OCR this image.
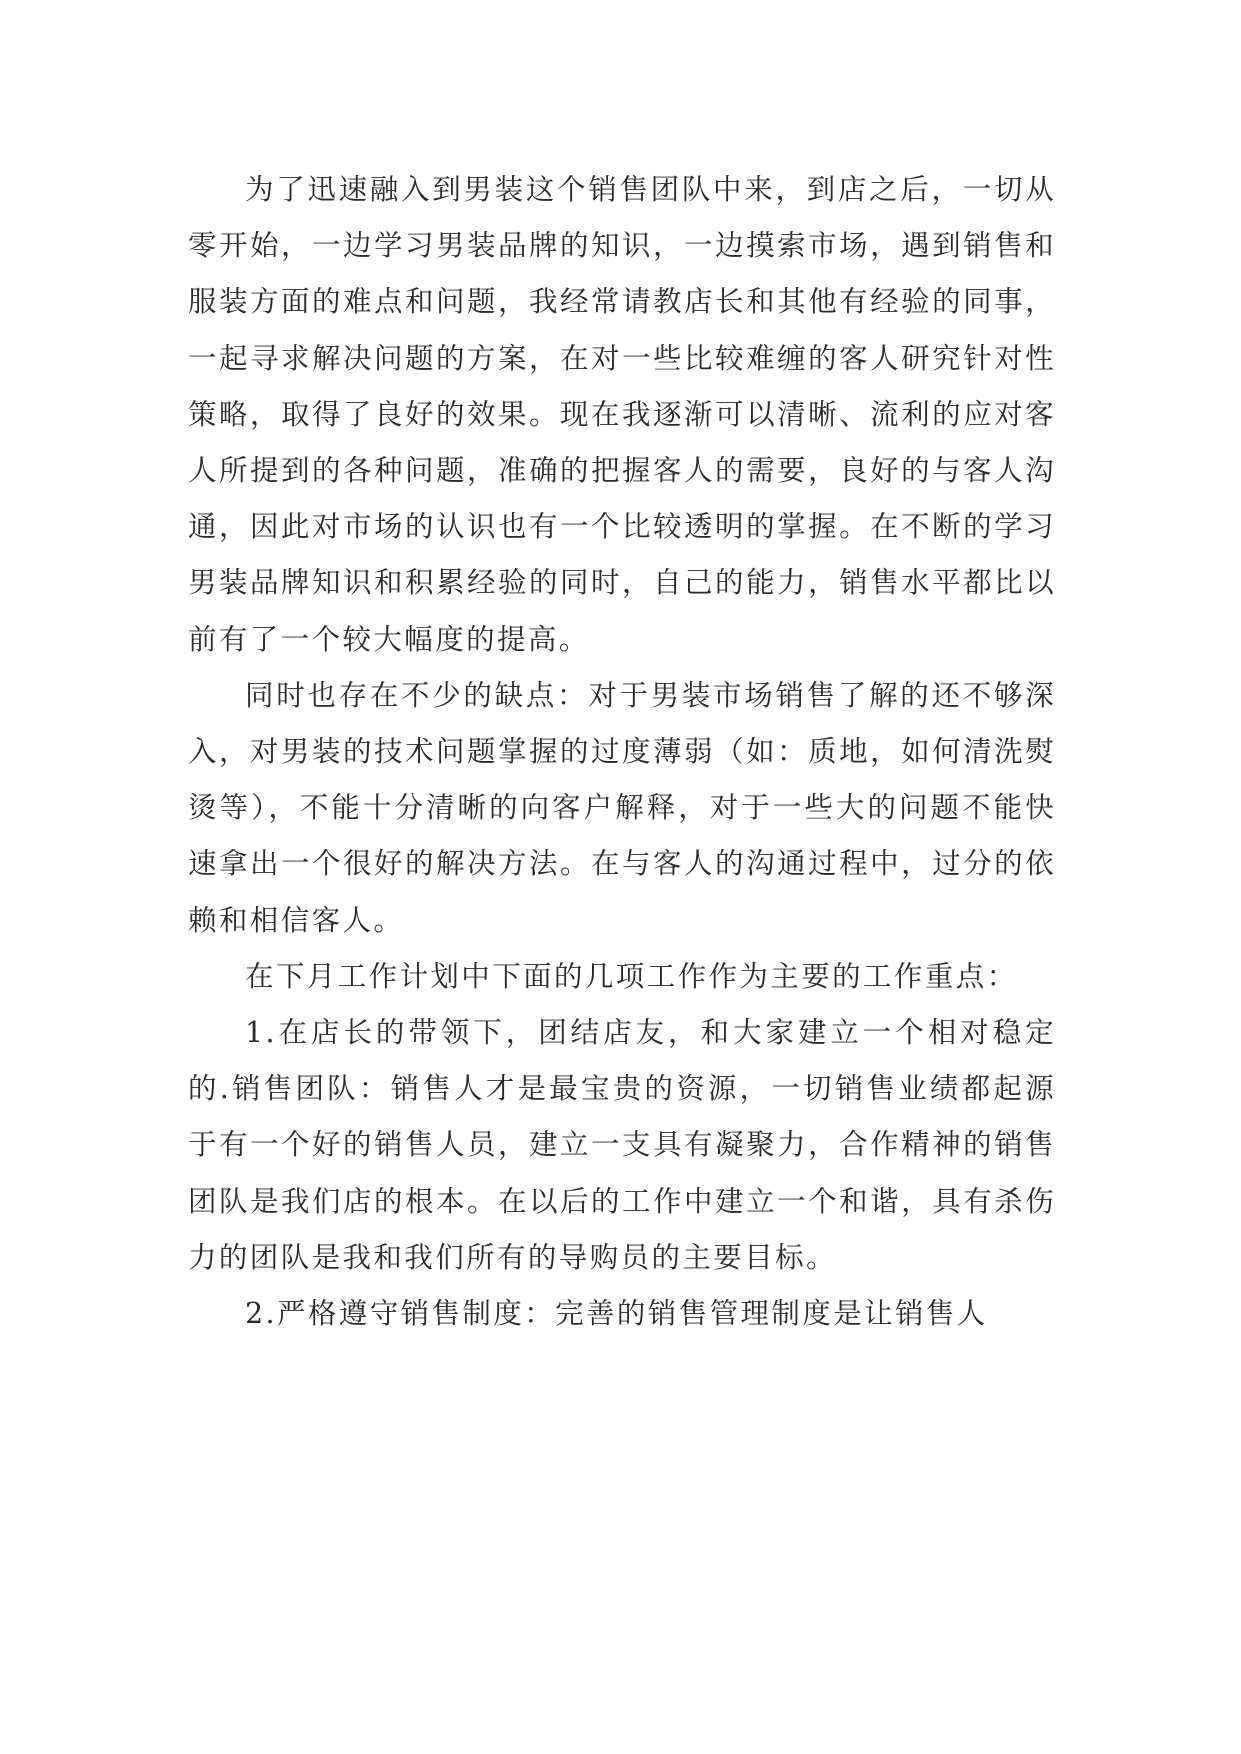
为了迅速融入到男装这个销售团队中来，到店之后，一切从零开始，一边学习男装品牌的知识，一边摸索市场，遇到销售和服装方面的难点和问题，我经常请教店长和其他有经验的同事，一起寻求解决问题的方案，在对一些比较难缠的客人研究针对性策略，取得了良好的效果。现在我逐渐可以清晰、流利的应对客人所提到的各种问题，准确的把握客人的需要，良好的与客人沟通，因此对市场的认识也有一个比较透明的掌握。在不断的学习男装品牌知识和积累经验的同时，自己的能力，销售水平都比以前有了一个较大幅度的提高。

同时也存在不少的缺点：对于男装市场销售了解的还不够深入，对男装的技术问题掌握的过度薄弱（如：质地，如何清洗熨烫等），不能十分清晰的向客户解释，对于一些大的问题不能快速拿出一个很好的解决方法。在与客人的沟通过程中，过分的依赖和相信客人。

在下月工作计划中下面的几项工作作为主要的工作重点：

1.在店长的带领下，团结店友，和大家建立一个相对稳定的.销售团队：销售人才是最宝贵的资源，一切销售业绩都起源于有一个好的销售人员，建立一支具有凝聚力，合作精神的销售团队是我们店的根本。在以后的工作中建立一个和谐，具有杀伤力的团队是我和我们所有的导购员的主要目标。

2.严格遵守销售制度：完善的销售管理制度是让销售人
